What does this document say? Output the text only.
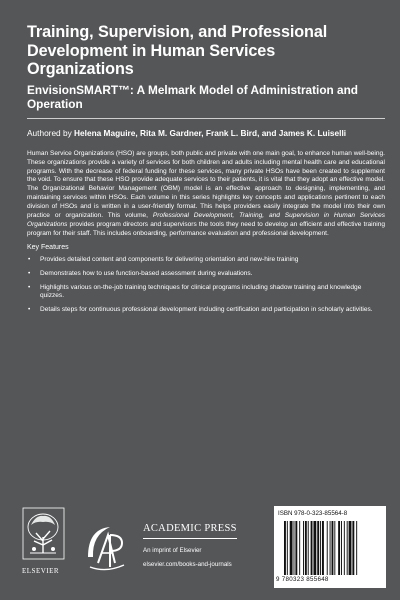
Training, Supervision, and Professional Development in Human Services Organizations
EnvisionSMART™: A Melmark Model of Administration and Operation
Authored by Helena Maguire, Rita M. Gardner, Frank L. Bird, and James K. Luiselli
Human Service Organizations (HSO) are groups, both public and private with one main goal, to enhance human well-being. These organizations provide a variety of services for both children and adults including mental health care and educational programs. With the decrease of federal funding for these services, many private HSOs have been created to supplement the void. To ensure that these HSO provide adequate services to their patients, it is vital that they adopt an effective model. The Organizational Behavior Management (OBM) model is an effective approach to designing, implementing, and maintaining services within HSOs. Each volume in this series highlights key concepts and applications pertinent to each division of HSOs and is written in a user-friendly format. This helps providers easily integrate the model into their own practice or organization. This volume, Professional Development, Training, and Supervision in Human Services Organizations provides program directors and supervisors the tools they need to develop an efficient and effective training program for their staff. This includes onboarding, performance evaluation and professional development.
Key Features
• Provides detailed content and components for delivering orientation and new-hire training
• Demonstrates how to use function-based assessment during evaluations.
• Highlights various on-the-job training techniques for clinical programs including shadow training and knowledge quizzes.
• Details steps for continuous professional development including certification and participation in scholarly activities.
ELSEVIER
ACADEMIC PRESS
An imprint of Elsevier
elsevier.com/books-and-journals
ISBN 978-0-323-85564-8
9 780323 855648
